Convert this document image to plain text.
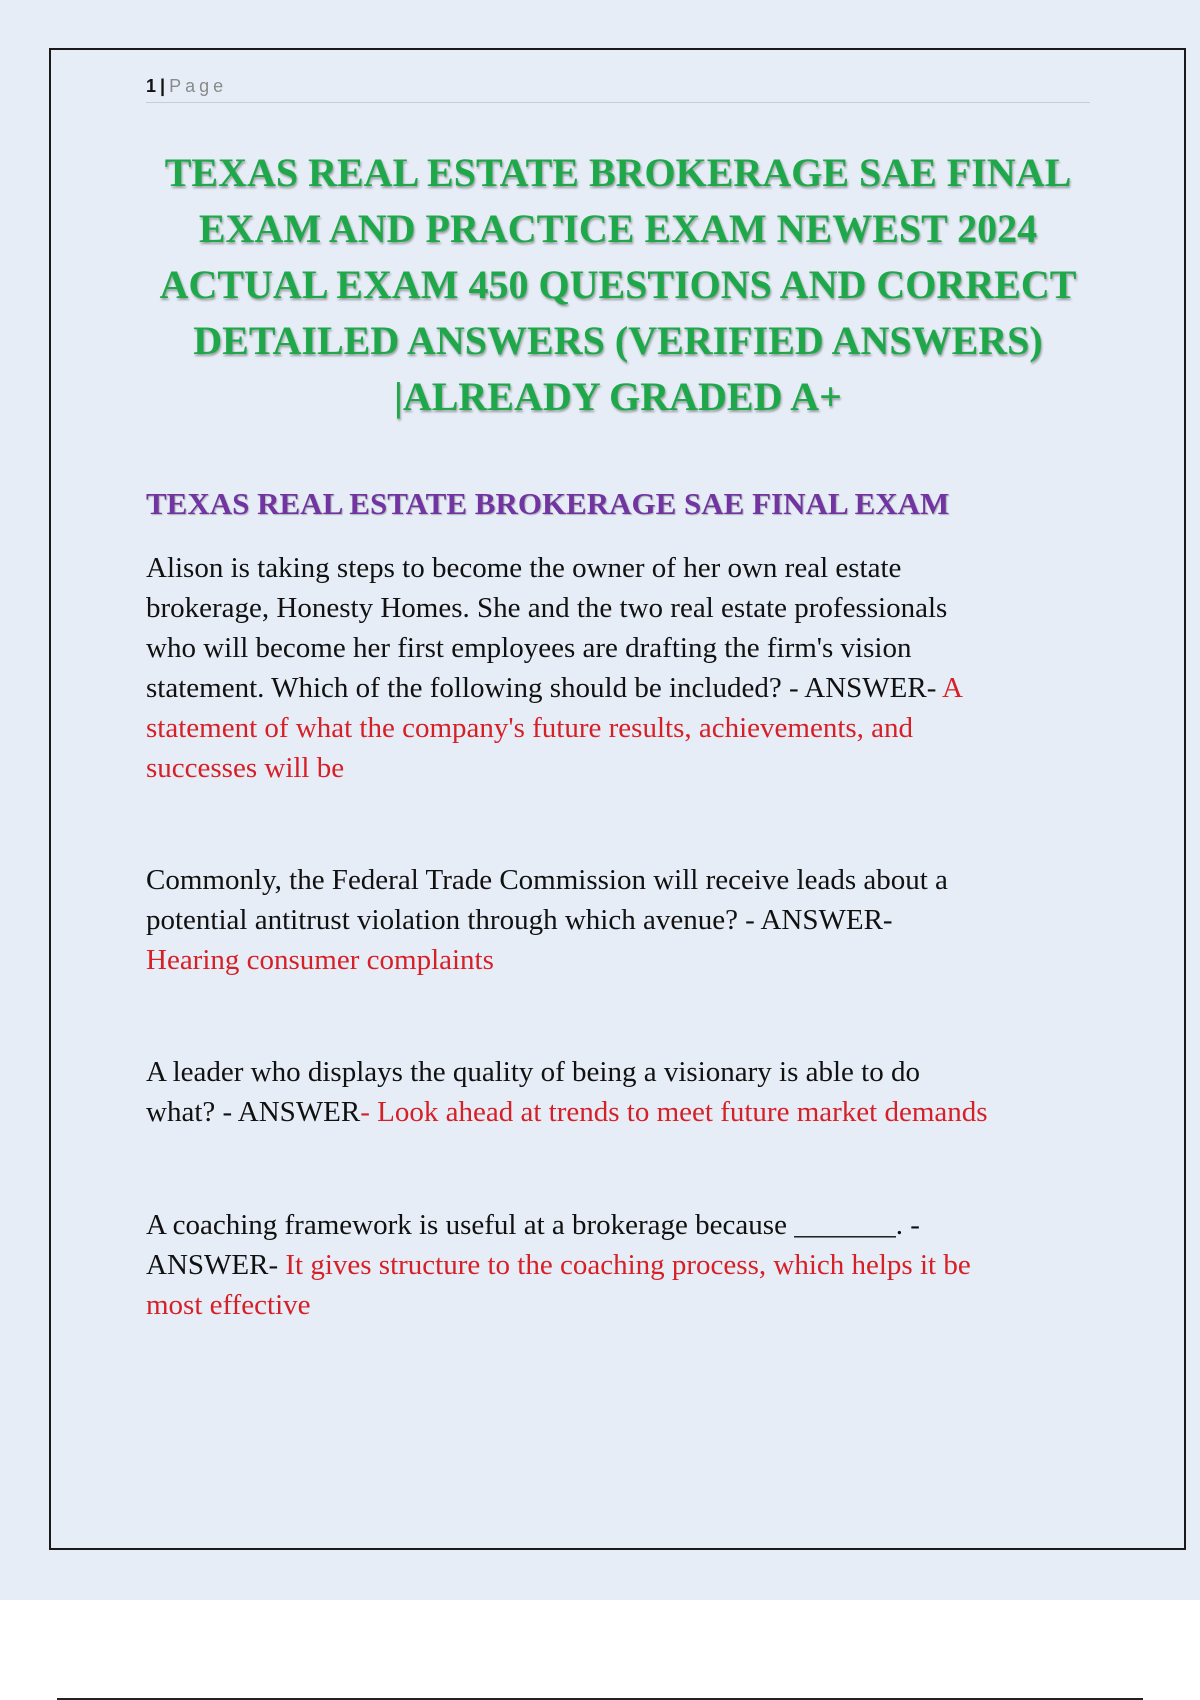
1 | Page
TEXAS REAL ESTATE BROKERAGE SAE FINAL
EXAM AND PRACTICE EXAM NEWEST 2024
ACTUAL EXAM 450 QUESTIONS AND CORRECT
DETAILED ANSWERS (VERIFIED ANSWERS)
|ALREADY GRADED A+
TEXAS REAL ESTATE BROKERAGE SAE FINAL EXAM
Alison is taking steps to become the owner of her own real estate
brokerage, Honesty Homes. She and the two real estate professionals
who will become her first employees are drafting the firm's vision
statement. Which of the following should be included? - ANSWER- A
statement of what the company's future results, achievements, and
successes will be
Commonly, the Federal Trade Commission will receive leads about a
potential antitrust violation through which avenue? - ANSWER-
Hearing consumer complaints
A leader who displays the quality of being a visionary is able to do
what? - ANSWER- Look ahead at trends to meet future market demands
A coaching framework is useful at a brokerage because _______. -
ANSWER- It gives structure to the coaching process, which helps it be
most effective
